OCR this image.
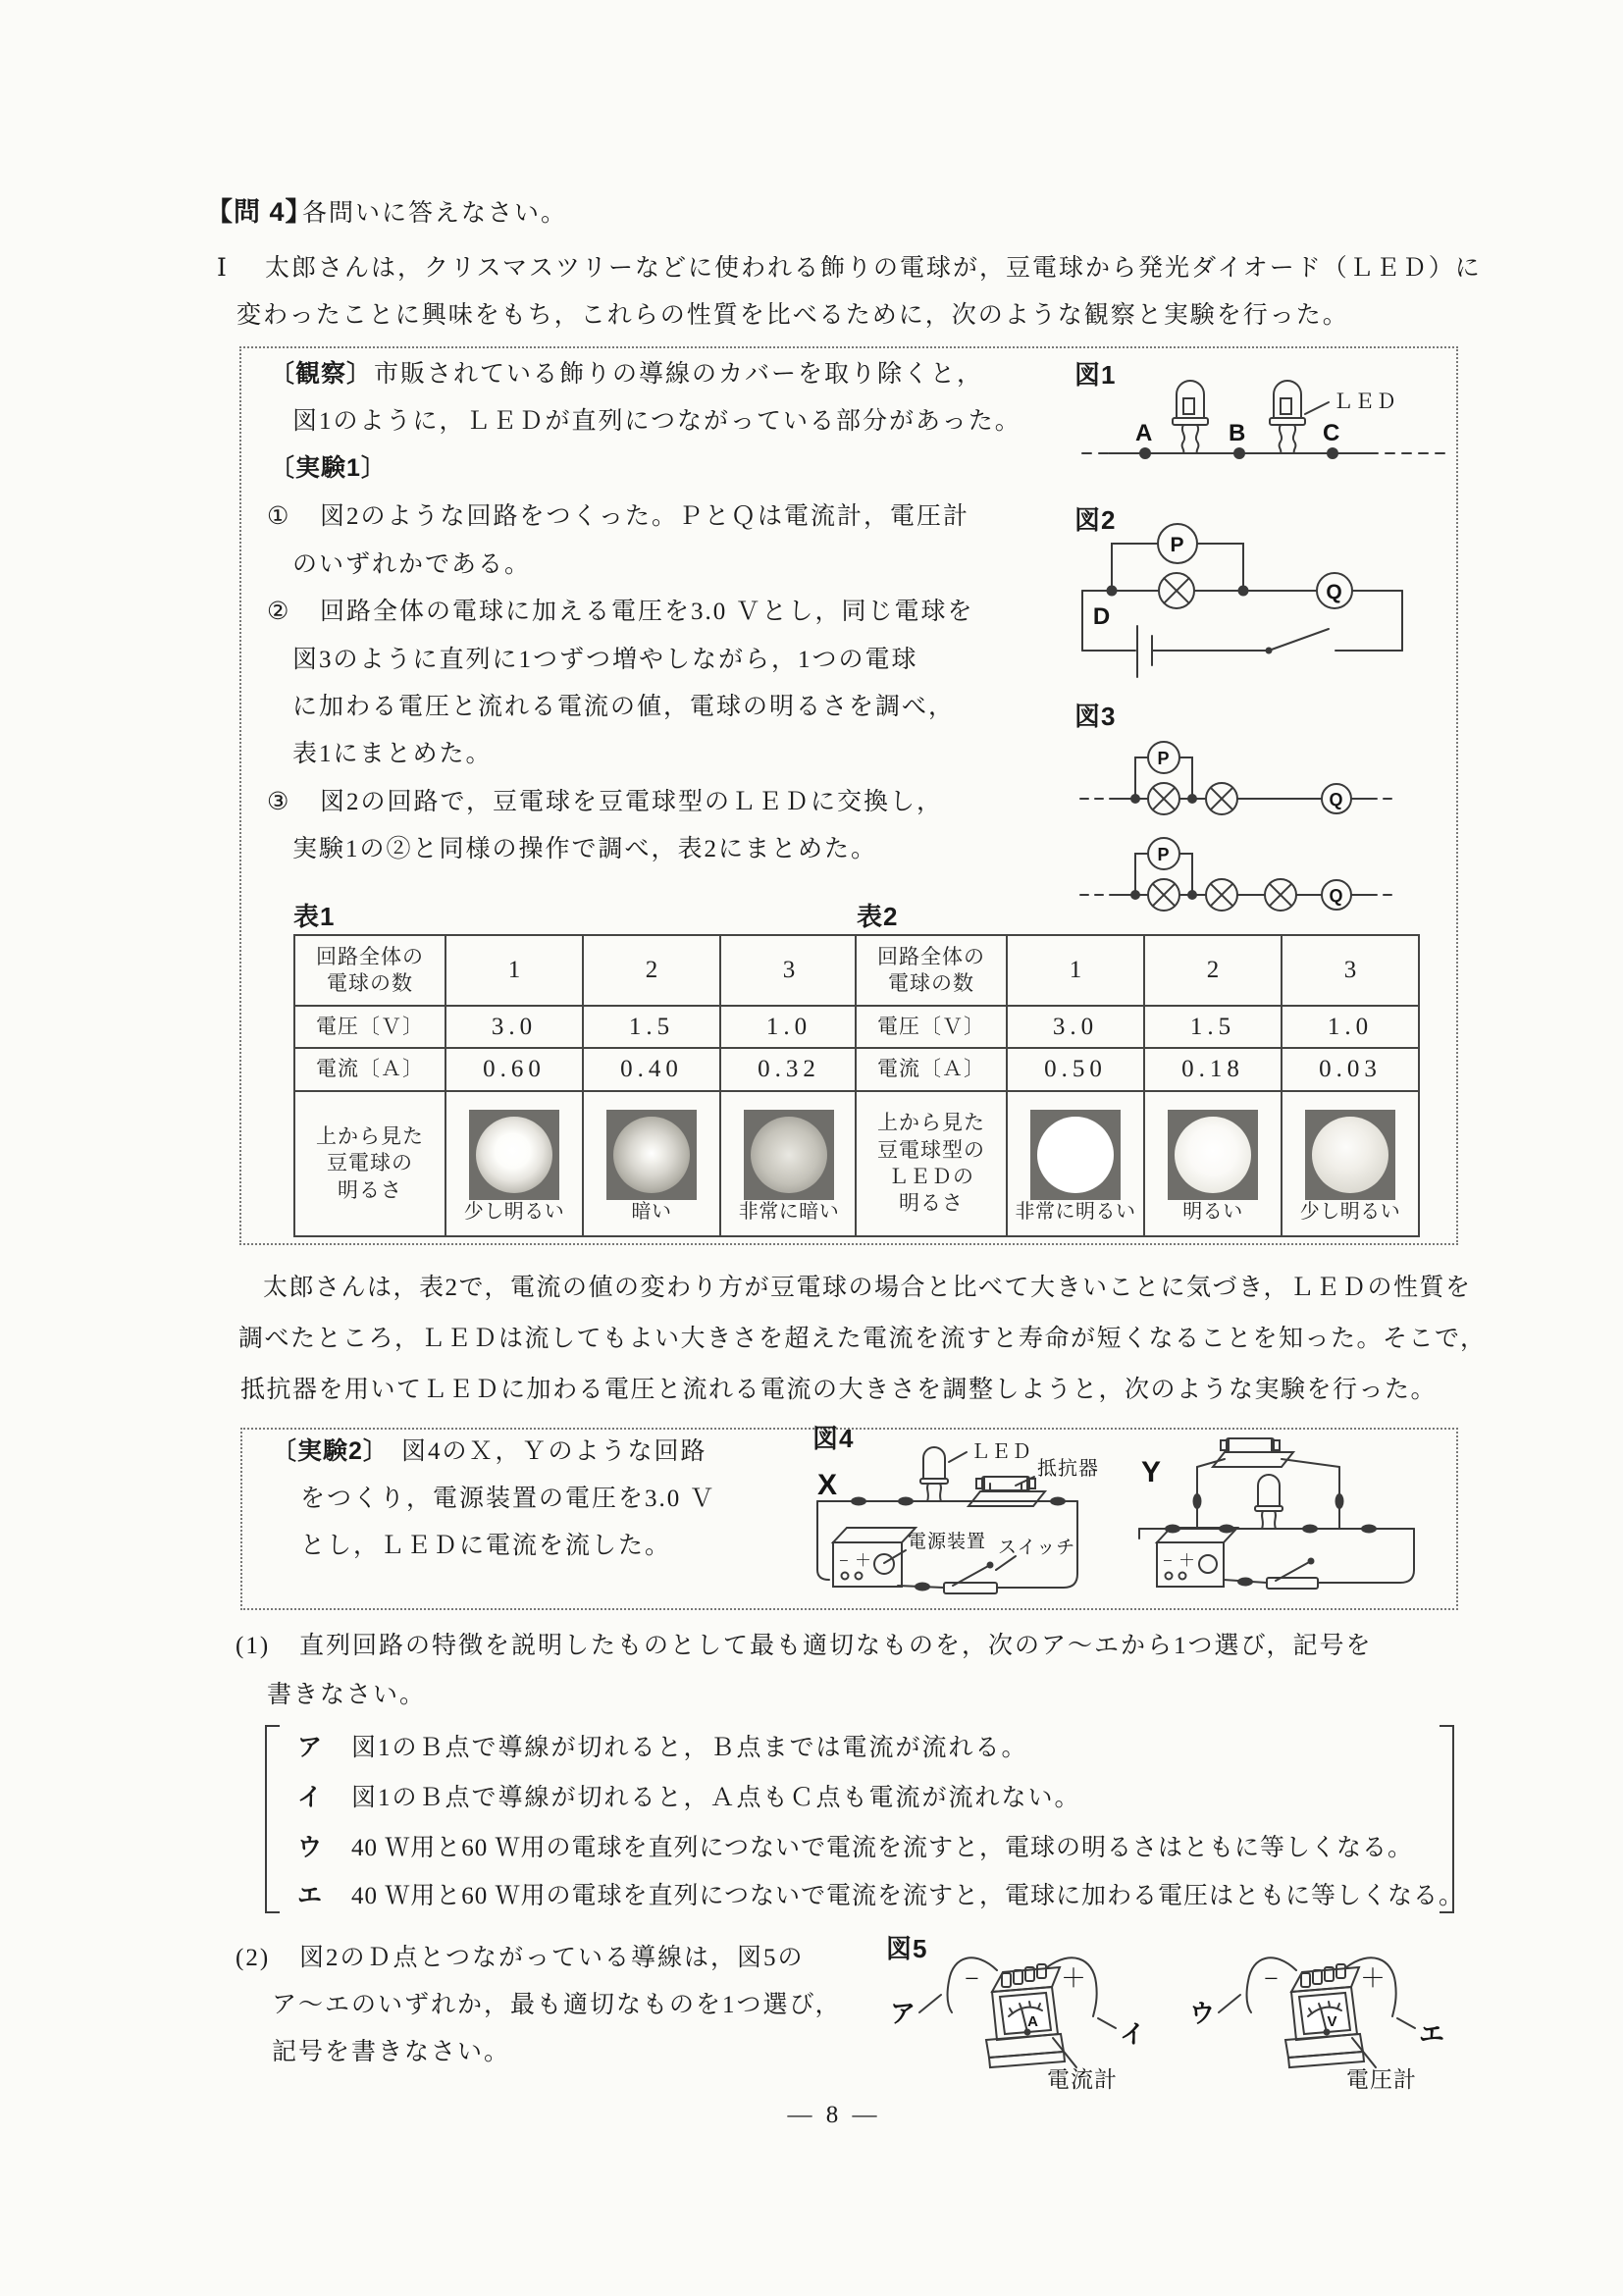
【問 4】
各問いに答えなさい。
Ⅰ 太郎さんは，クリスマスツリーなどに使われる飾りの電球が，豆電球から発光ダイオード（ＬＥＤ）に
変わったことに興味をもち，これらの性質を比べるために，次のような観察と実験を行った。
〔観察〕 市販されている飾りの導線のカバーを取り除くと，
図1のように，ＬＥＤが直列につながっている部分があった。
〔実験1〕
① 図2のような回路をつくった。ＰとＱは電流計，電圧計
のいずれかである。
② 回路全体の電球に加える電圧を3.0 Ｖとし，同じ電球を
図3のように直列に1つずつ増やしながら，1つの電球
に加わる電圧と流れる電流の値，電球の明るさを調べ，
表1にまとめた。
③ 図2の回路で，豆電球を豆電球型のＬＥＤに交換し，
実験1の②と同様の操作で調べ，表2にまとめた。
図1
A	B	C
ＬＥＤ
図2
P
Q
D
図3
P
Q
P
Q
表1
回路全体の
電球の数	1	2	3
電圧〔Ｖ〕	3.0	1.5	1.0
電流〔Ａ〕	0.60	0.40	0.32

上から見た
豆電球の
明るさ	少し明るい	暗い	非常に暗い
表2
回路全体の
電球の数	1	2	3
電圧〔Ｖ〕	3.0	1.5	1.0
電流〔Ａ〕	0.50	0.18	0.03

上から見た
豆電球型の
ＬＥＤの
明るさ	非常に明るい	明るい	少し明るい
太郎さんは，表2で，電流の値の変わり方が豆電球の場合と比べて大きいことに気づき，ＬＥＤの性質を
調べたところ，ＬＥＤは流してもよい大きさを超えた電流を流すと寿命が短くなることを知った。そこで，
抵抗器を用いてＬＥＤに加わる電圧と流れる電流の大きさを調整しようと，次のような実験を行った。
〔実験2〕 図4のＸ，Ｙのような回路
をつくり，電源装置の電圧を3.0 Ｖ
とし，ＬＥＤに電流を流した。
図4
X
ＬＥＤ
抵抗器
− ＋
電源装置 スイッチ
Y
− ＋
(1) 直列回路の特徴を説明したものとして最も適切なものを，次のア～エから1つ選び，記号を
書きなさい。
ア 図1のＢ点で導線が切れると，Ｂ点までは電流が流れる。
イ 図1のＢ点で導線が切れると，Ａ点もＣ点も電流が流れない。
ウ 40 Ｗ用と60 Ｗ用の電球を直列につないで電流を流すと，電球の明るさはともに等しくなる。
エ 40 Ｗ用と60 Ｗ用の電球を直列につないで電流を流すと，電球に加わる電圧はともに等しくなる。
(2) 図2のＤ点とつながっている導線は，図5の
ア～エのいずれか，最も適切なものを1つ選び，
記号を書きなさい。
図5
A
−	＋
ア
イ
電流計
V
−	＋
ウ
エ
電圧計
— 8 —
